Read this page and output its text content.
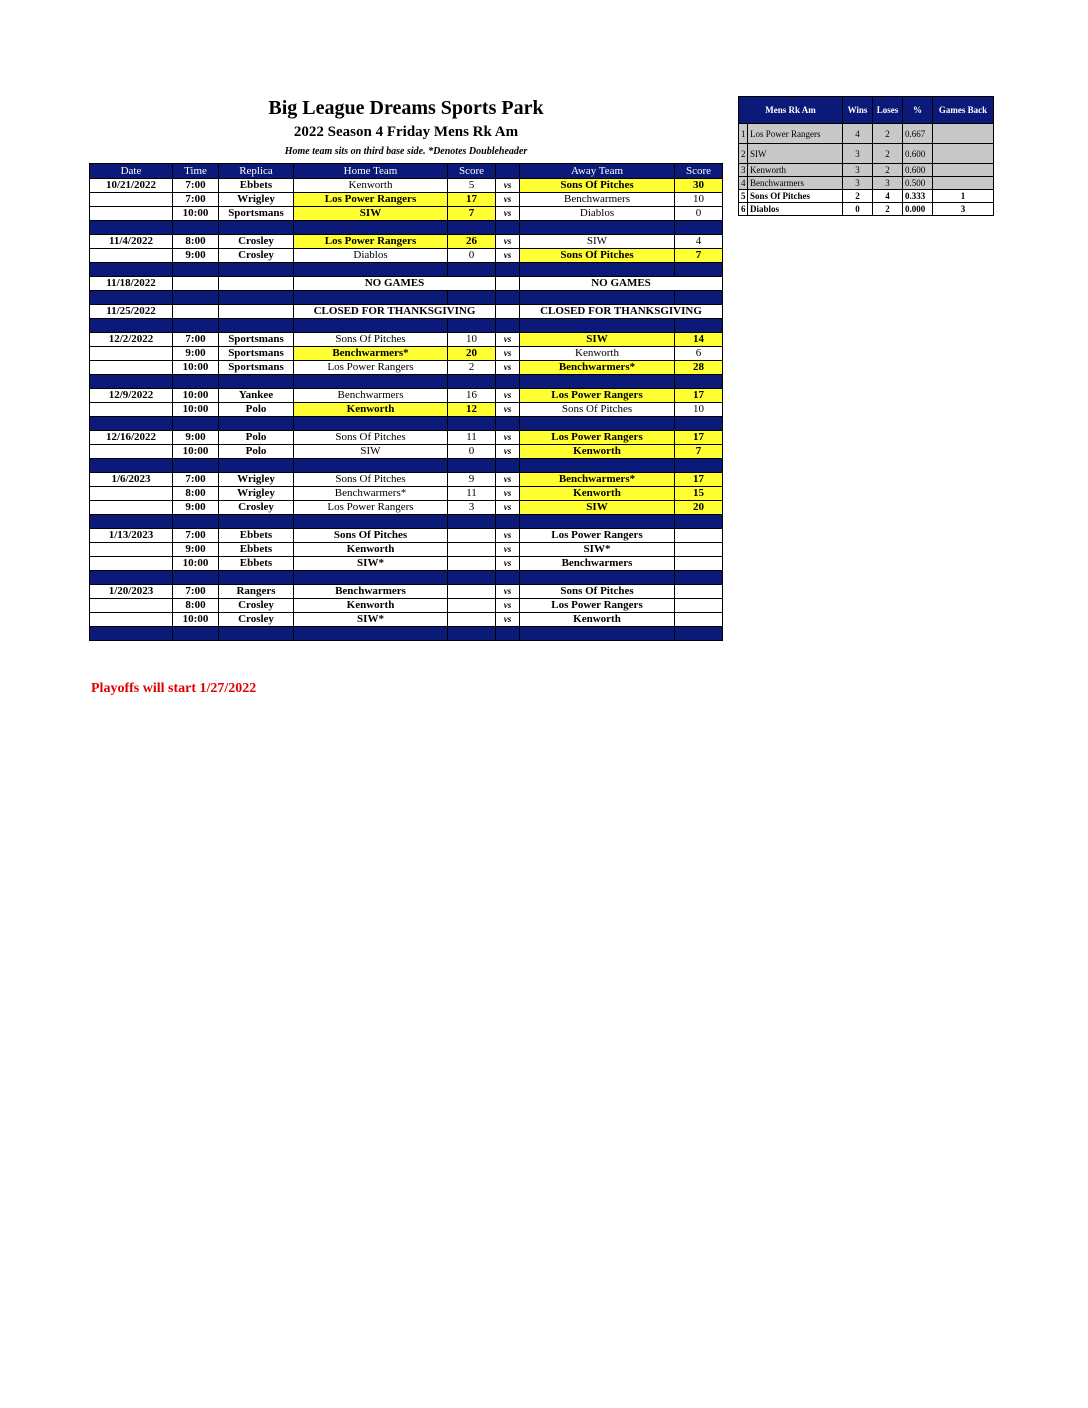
Big League Dreams Sports Park
2022 Season 4 Friday Mens Rk Am
Home team sits on third base side. *Denotes Doubleheader
Date	Time	Replica	Home Team	Score		Away Team	Score
10/21/2022	7:00	Ebbets	Kenworth	5	vs	Sons Of Pitches	30
	7:00	Wrigley	Los Power Rangers	17	vs	Benchwarmers	10
	10:00	Sportsmans	SIW	7	vs	Diablos	0

11/4/2022	8:00	Crosley	Los Power Rangers	26	vs	SIW	4
	9:00	Crosley	Diablos	0	vs	Sons Of Pitches	7

11/18/2022			NO GAMES			NO GAMES	

11/25/2022			CLOSED FOR THANKSGIVING			CLOSED FOR THANKSGIVING	

12/2/2022	7:00	Sportsmans	Sons Of Pitches	10	vs	SIW	14
	9:00	Sportsmans	Benchwarmers*	20	vs	Kenworth	6
	10:00	Sportsmans	Los Power Rangers	2	vs	Benchwarmers*	28

12/9/2022	10:00	Yankee	Benchwarmers	16	vs	Los Power Rangers	17
	10:00	Polo	Kenworth	12	vs	Sons Of Pitches	10

12/16/2022	9:00	Polo	Sons Of Pitches	11	vs	Los Power Rangers	17
	10:00	Polo	SIW	0	vs	Kenworth	7

1/6/2023	7:00	Wrigley	Sons Of Pitches	9	vs	Benchwarmers*	17
	8:00	Wrigley	Benchwarmers*	11	vs	Kenworth	15
	9:00	Crosley	Los Power Rangers	3	vs	SIW	20

1/13/2023	7:00	Ebbets	Sons Of Pitches		vs	Los Power Rangers	
	9:00	Ebbets	Kenworth		vs	SIW*	
	10:00	Ebbets	SIW*		vs	Benchwarmers	

1/20/2023	7:00	Rangers	Benchwarmers		vs	Sons Of Pitches	
	8:00	Crosley	Kenworth		vs	Los Power Rangers	
	10:00	Crosley	SIW*		vs	Kenworth	

Playoffs will start 1/27/2022
Mens Rk Am		Wins	Loses	%	Games Back
1	Los Power Rangers	4	2	0.667	
2	SIW	3	2	0.600	
3	Kenworth	3	2	0.600	
4	Benchwarmers	3	3	0.500	
5	Sons Of Pitches	2	4	0.333	1
6	Diablos	0	2	0.000	3
